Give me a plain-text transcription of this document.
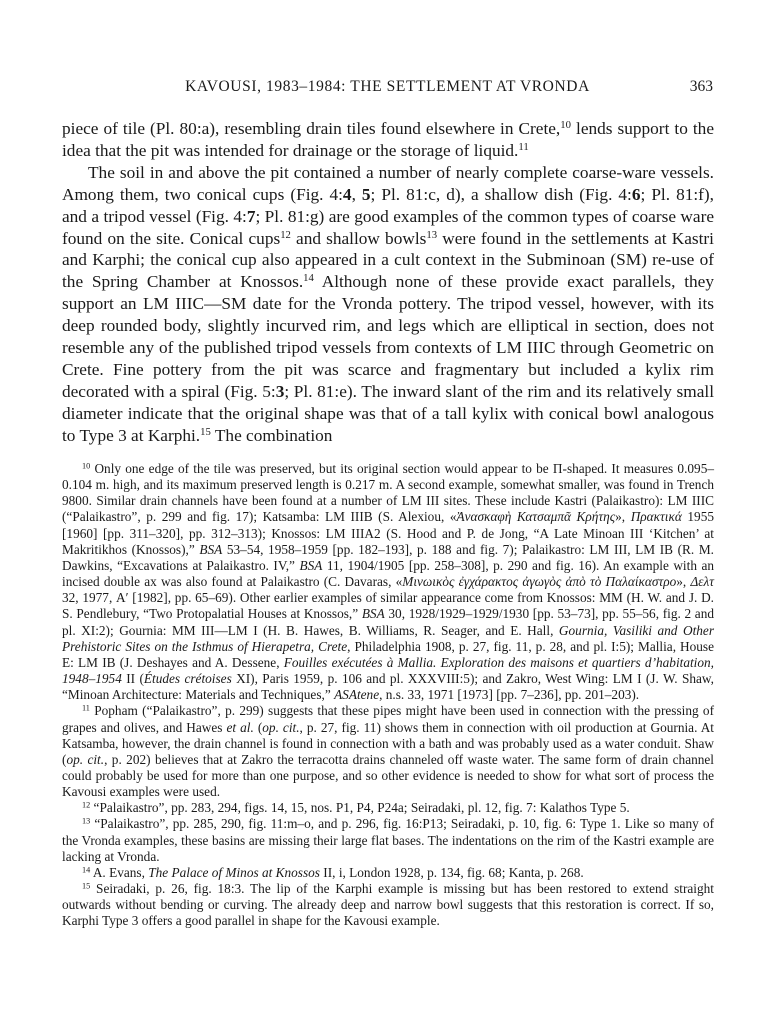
KAVOUSI, 1983–1984: THE SETTLEMENT AT VRONDA	363

piece of tile (Pl. 80:a), resembling drain tiles found elsewhere in Crete,$^{10}$ lends support to the idea that the pit was intended for drainage or the storage of liquid.$^{11}$

The soil in and above the pit contained a number of nearly complete coarse-ware vessels. Among them, two conical cups (Fig. 4:4, 5; Pl. 81:c, d), a shallow dish (Fig. 4:6; Pl. 81:f), and a tripod vessel (Fig. 4:7; Pl. 81:g) are good examples of the common types of coarse ware found on the site. Conical cups$^{12}$ and shallow bowls$^{13}$ were found in the settlements at Kastri and Karphi; the conical cup also appeared in a cult context in the Subminoan (SM) re-use of the Spring Chamber at Knossos.$^{14}$ Although none of these provide exact parallels, they support an LM IIIC—SM date for the Vronda pottery. The tripod vessel, however, with its deep rounded body, slightly incurved rim, and legs which are elliptical in section, does not resemble any of the published tripod vessels from contexts of LM IIIC through Geometric on Crete. Fine pottery from the pit was scarce and fragmentary but included a kylix rim decorated with a spiral (Fig. 5:3; Pl. 81:e). The inward slant of the rim and its relatively small diameter indicate that the original shape was that of a tall kylix with conical bowl analogous to Type 3 at Karphi.$^{15}$ The combination

$^{10}$ Only one edge of the tile was preserved, but its original section would appear to be Π-shaped. It measures 0.095–0.104 m. high, and its maximum preserved length is 0.217 m. A second example, somewhat smaller, was found in Trench 9800. Similar drain channels have been found at a number of LM III sites. These include Kastri (Palaikastro): LM IIIC (“Palaikastro”, p. 299 and fig. 17); Katsamba: LM IIIB (S. Alexiou, «Ἀνασκαφὴ Κατσαμπᾶ Κρήτης», Πρακτικά 1955 [1960] [pp. 311–320], pp. 312–313); Knossos: LM IIIA2 (S. Hood and P. de Jong, “A Late Minoan III ‘Kitchen’ at Makritikhos (Knossos),” BSA 53–54, 1958–1959 [pp. 182–193], p. 188 and fig. 7); Palaikastro: LM III, LM IB (R. M. Dawkins, “Excavations at Palaikastro. IV,” BSA 11, 1904/1905 [pp. 258–308], p. 290 and fig. 16). An example with an incised double ax was also found at Palaikastro (C. Davaras, «Μινωικὸς ἐγχάρακτος ἀγωγὸς ἀπὸ τὸ Παλαίκαστρο», Δελτ 32, 1977, A′ [1982], pp. 65–69). Other earlier examples of similar appearance come from Knossos: MM (H. W. and J. D. S. Pendlebury, “Two Protopalatial Houses at Knossos,” BSA 30, 1928/1929–1929/1930 [pp. 53–73], pp. 55–56, fig. 2 and pl. XI:2); Gournia: MM III—LM I (H. B. Hawes, B. Williams, R. Seager, and E. Hall, Gournia, Vasiliki and Other Prehistoric Sites on the Isthmus of Hierapetra, Crete, Philadelphia 1908, p. 27, fig. 11, p. 28, and pl. I:5); Mallia, House E: LM IB (J. Deshayes and A. Dessene, Fouilles exécutées à Mallia. Exploration des maisons et quartiers d’habitation, 1948–1954 II (Études crétoises XI), Paris 1959, p. 106 and pl. XXXVIII:5); and Zakro, West Wing: LM I (J. W. Shaw, “Minoan Architecture: Materials and Techniques,” ASAtene, n.s. 33, 1971 [1973] [pp. 7–236], pp. 201–203).

$^{11}$ Popham (“Palaikastro”, p. 299) suggests that these pipes might have been used in connection with the pressing of grapes and olives, and Hawes et al. (op. cit., p. 27, fig. 11) shows them in connection with oil production at Gournia. At Katsamba, however, the drain channel is found in connection with a bath and was probably used as a water conduit. Shaw (op. cit., p. 202) believes that at Zakro the terracotta drains channeled off waste water. The same form of drain channel could probably be used for more than one purpose, and so other evidence is needed to show for what sort of process the Kavousi examples were used.

$^{12}$ “Palaikastro”, pp. 283, 294, figs. 14, 15, nos. P1, P4, P24a; Seiradaki, pl. 12, fig. 7: Kalathos Type 5.

$^{13}$ “Palaikastro”, pp. 285, 290, fig. 11:m–o, and p. 296, fig. 16:P13; Seiradaki, p. 10, fig. 6: Type 1. Like so many of the Vronda examples, these basins are missing their large flat bases. The indentations on the rim of the Kastri example are lacking at Vronda.

$^{14}$ A. Evans, The Palace of Minos at Knossos II, i, London 1928, p. 134, fig. 68; Kanta, p. 268.

$^{15}$ Seiradaki, p. 26, fig. 18:3. The lip of the Karphi example is missing but has been restored to extend straight outwards without bending or curving. The already deep and narrow bowl suggests that this restoration is correct. If so, Karphi Type 3 offers a good parallel in shape for the Kavousi example.
